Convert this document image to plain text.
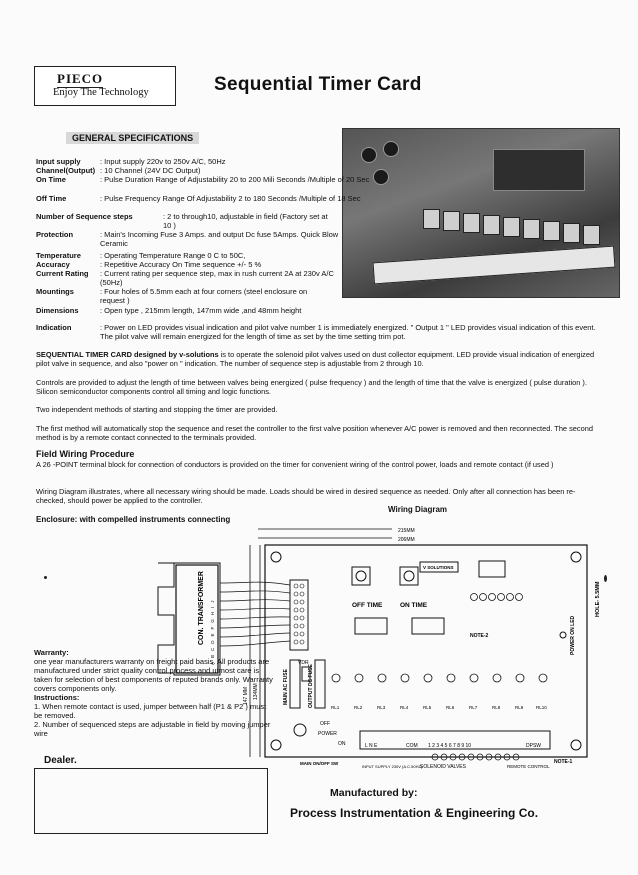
PIECO
Enjoy The Technology	Sequential Timer Card
GENERAL SPECIFICATIONS
Input supply	: Input supply 220v to 250v A/C, 50Hz
Channel(Output) : 10 Channel (24V DC Output)
On Time	: Pulse Duration Range of Adjustability 20 to 200 Mili Seconds /Multiple of 20 Sec
Off Time	: Pulse Frequency Range Of Adjustability 2 to 180 Seconds /Multiple of 18 Sec
Number of Sequence steps	: 2 to through10, adjustable in field (Factory set at 10 )
Protection	: Main's Incoming Fuse 3 Amps. and output Dc fuse 5Amps. Quick Blow Ceramic
Temperature	: Operating Temperature Range 0 C to 50C,
Accuracy	: Repetitive Accuracy On Time sequence +/- 5 %
Current Rating : Current rating per sequence step, max in rush current 2A at 230v A/C (50Hz)
Mountings	: Four holes of 5.5mm each at four corners (steel enclosure on request )
Dimensions	: Open type , 215mm length, 147mm wide ,and 48mm height
Indication	: Power on LED provides visual indication and pilot valve number 1 is immediately energized. " Output 1 " LED provides visual indication of this event. The pilot valve will remain energized for the length of time as set by the time setting trim pot.
SEQUENTIAL TIMER CARD designed by v-solutions is to operate the solenoid pilot valves used on dust collector equipment. LED provide visual indication of energized pilot valve in sequence, and also "power on " indication. The number of sequence step is adjustable from 2 through 10.
Controls are provided to adjust the length of time between valves being energized ( pulse frequency ) and the length of time that the valve is energized ( pulse duration ). Silicon semiconductor components control all timing and logic functions.
Two independent methods of starting and stopping the timer are provided.
The first method will automatically stop the sequence and reset the controller to the first valve position whenever A/C power is removed and then reconnected. The second method is by a remote contact connected to the terminals provided.
Field Wiring Procedure
A 26 -POINT terminal block for connection of conductors is provided on the timer for convenient wiring of the control power, loads and remote contact (if used )
Wiring Diagram illustrates, where all necessary wiring should be made. Loads should be wired in desired sequence as needed. Only after all connection has been re-checked, should power be applied to the controller.
Wiring Diagram
Enclosure: with compelled instruments connecting
215MM
206MM
147 MM 134MM
CON. TRANSFORMER ABCDEFGHIJ	HOLE- 5.5MM
MAIN AC FUSE	OUTPUT DC FUSE
VDR
OFF TIME	ON TIME
V SOLUTIONS
NOTE-2	POWER ON LED
RL1	RL2	RL3	RL4	RL5	RL6	RL7	RL8	RL9	RL10
OFF
POWER
ON
MAIN ON/OFF SW
L N E	COM 1 2 3 4 5 6 7 8 9 10	DPSW
INPUT SUPPLY 230V (A.C.50HZ)
SOLENOID VALVES	REMOTE CONTROL
NOTE-1
Warranty:
one year manufacturers warranty on freight paid basis. All products are manufactured under strict quality control process and utmost care is taken for selection of best components of reputed brands only. Warranty covers components only.
Instructions:
1. When remote contact is used, jumper between half (P1 & P2 ) must be removed.
2. Number of sequenced steps are adjustable in field by moving jumper wire
Dealer.
Manufactured by:
Process Instrumentation & Engineering Co.
